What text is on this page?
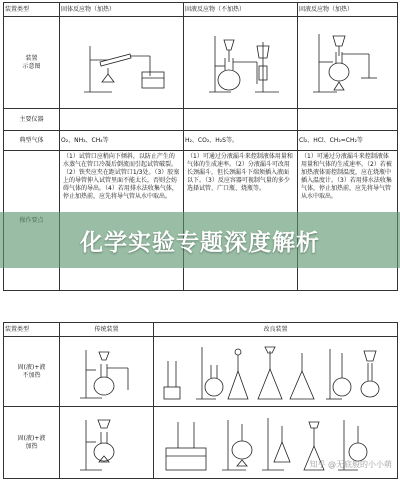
装置类型	固体反应物（加热）	固液反应物（不加热）	固液反应物（加热）
装置
示意图	

主要仪器			
典型气体	O₂、NH₃、CH₄等	H₂、CO₂、H₂S等。	Cl₂、HCl、CH₂=CH₂等
	（1）试管口应稍向下倾斜，以防止产生的水蒸气在管口冷凝后倒流而引起试管破裂。（2）铁夹应夹在距试管口1/3处。（3）胶塞上的导管伸入试管里面不能太长，否则会妨碍气体的导出。（4）若用排水法收集气体，停止加热前，应先将导气管从水中取出。	（1）可通过分液漏斗来控制液体用量和气体的生成速率。（2）分液漏斗可改用长颈漏斗，但长颈漏斗下端须插入液面以下。（3）反应容器可视制气量的多少选择试管、广口瓶、烧瓶等。	（1）可通过分液漏斗来控制液体用量和气体的生成速率。（2）若被加热液体需控制温度，应在烧瓶中插入温度计。（3）若用排水法收集气体，停止加热前，应先将导气管从水中取出。
装置类型	传统装置	改良装置
固(液)+液
不加热	

固(液)+液
加热	

化学实验专题深度解析
知乎 @无底般的小小萌
